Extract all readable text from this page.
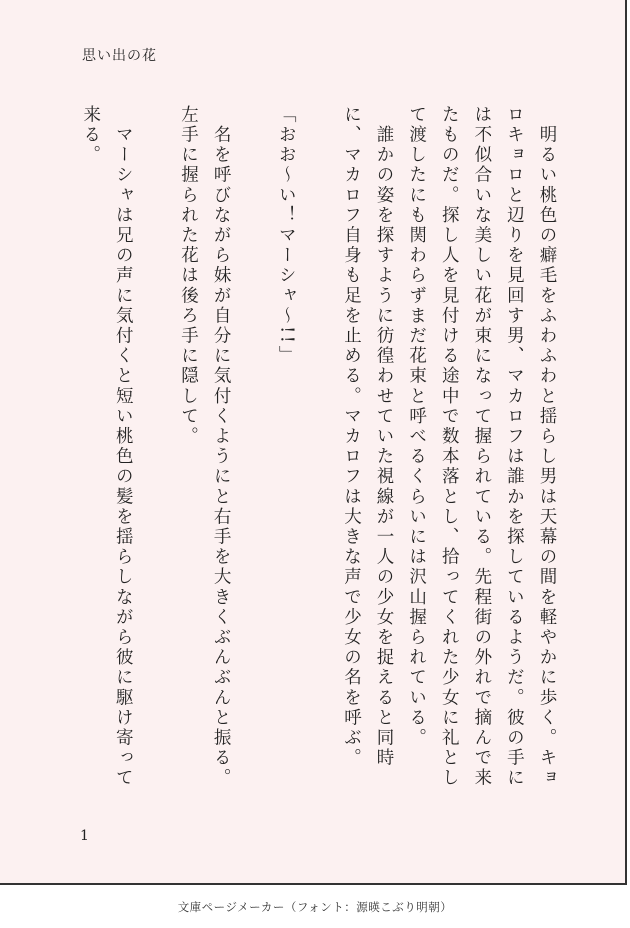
思い出の花

　明るい桃色の癖毛をふわふわと揺らし男は天幕の間を軽やかに歩く。キョロキョロと辺りを見回す男、マカロフは誰かを探しているようだ。彼の手には不似合いな美しい花が束になって握られている。先程街の外れで摘んで来たものだ。探し人を見付ける途中で数本落とし、拾ってくれた少女に礼として渡したにも関わらずまだ花束と呼べるくらいには沢山握られている。

　誰かの姿を探すように彷徨わせていた視線が一人の少女を捉えると同時に、マカロフ自身も足を止める。マカロフは大きな声で少女の名を呼ぶ。

「おお〜い！マーシャ〜!!」

　名を呼びながら妹が自分に気付くようにと右手を大きくぶんぶんと振る。左手に握られた花は後ろ手に隠して。

　マーシャは兄の声に気付くと短い桃色の髪を揺らしながら彼に駆け寄って来る。

1
文庫ページメーカー（フォント：源暎こぶり明朝）
